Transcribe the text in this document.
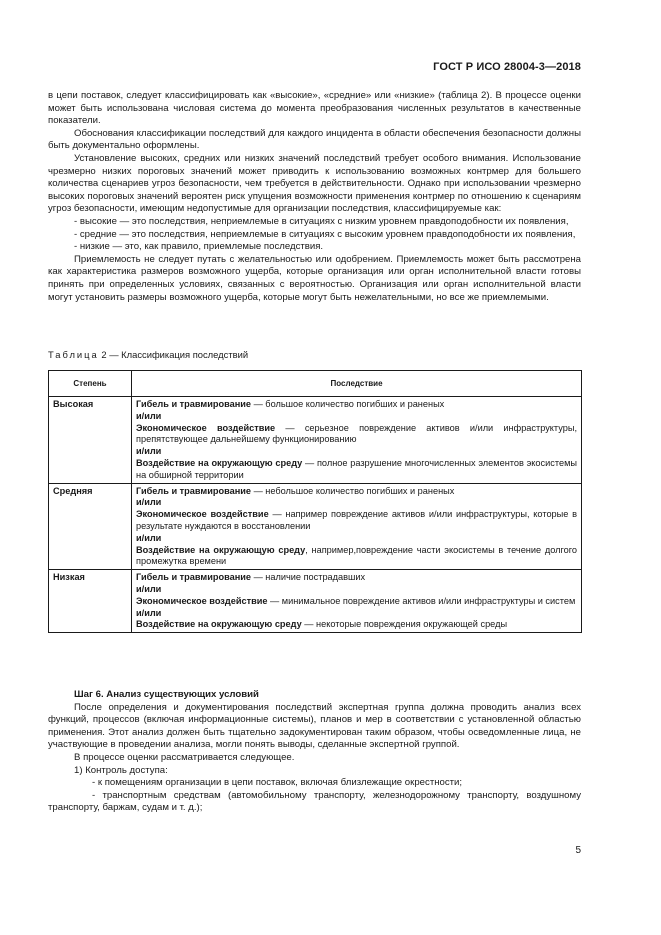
ГОСТ Р ИСО 28004-3—2018

в цепи поставок, следует классифицировать как «высокие», «средние» или «низкие» (таблица 2). В процессе оценки может быть использована числовая система до момента преобразования численных результатов в качественные показатели.

Обоснования классификации последствий для каждого инцидента в области обеспечения безопасности должны быть документально оформлены.

Установление высоких, средних или низких значений последствий требует особого внимания. Использование чрезмерно низких пороговых значений может приводить к использованию возможных контрмер для большего количества сценариев угроз безопасности, чем требуется в действительности. Однако при использовании чрезмерно высоких пороговых значений вероятен риск упущения возможности применения контрмер по отношению к сценариям угроз безопасности, имеющим недопустимые для организации последствия, классифицируемые как:

- высокие — это последствия, неприемлемые в ситуациях с низким уровнем правдоподобности их появления,

- средние — это последствия, неприемлемые в ситуациях с высоким уровнем правдоподобности их появления,

- низкие — это, как правило, приемлемые последствия.

Приемлемость не следует путать с желательностью или одобрением. Приемлемость может быть рассмотрена как характеристика размеров возможного ущерба, которые организация или орган исполнительной власти готовы принять при определенных условиях, связанных с вероятностью. Организация или орган исполнительной власти могут установить размеры возможного ущерба, которые могут быть нежелательными, но все же приемлемыми.

Таблица 2 — Классификация последствий
Степень	Последствие
Высокая	Гибель и травмирование — большое количество погибших и раненых
и/или
Экономическое воздействие — серьезное повреждение активов и/или инфраструктуры, препятствующее дальнейшему функционированию
и/или
Воздействие на окружающую среду — полное разрушение многочисленных элементов экосистемы на обширной территории

Средняя	Гибель и травмирование — небольшое количество погибших и раненых
и/или
Экономическое воздействие — например повреждение активов и/или инфраструктуры, которые в результате нуждаются в восстановлении
и/или
Воздействие на окружающую среду, например,повреждение части экосистемы в течение долгого промежутка времени

Низкая	Гибель и травмирование — наличие пострадавших
и/или
Экономическое воздействие — минимальное повреждение активов и/или инфраструктуры и систем
и/или
Воздействие на окружающую среду — некоторые повреждения окружающей среды

Шаг 6. Анализ существующих условий

После определения и документирования последствий экспертная группа должна проводить анализ всех функций, процессов (включая информационные системы), планов и мер в соответствии с установленной областью применения. Этот анализ должен быть тщательно задокументирован таким образом, чтобы осведомленные лица, не участвующие в проведении анализа, могли понять выводы, сделанные экспертной группой.

В процессе оценки рассматривается следующее.

1) Контроль доступа:

- к помещениям организации в цепи поставок, включая близлежащие окрестности;

- транспортным средствам (автомобильному транспорту, железнодорожному транспорту, воздушному транспорту, баржам, судам и т. д.);

5
